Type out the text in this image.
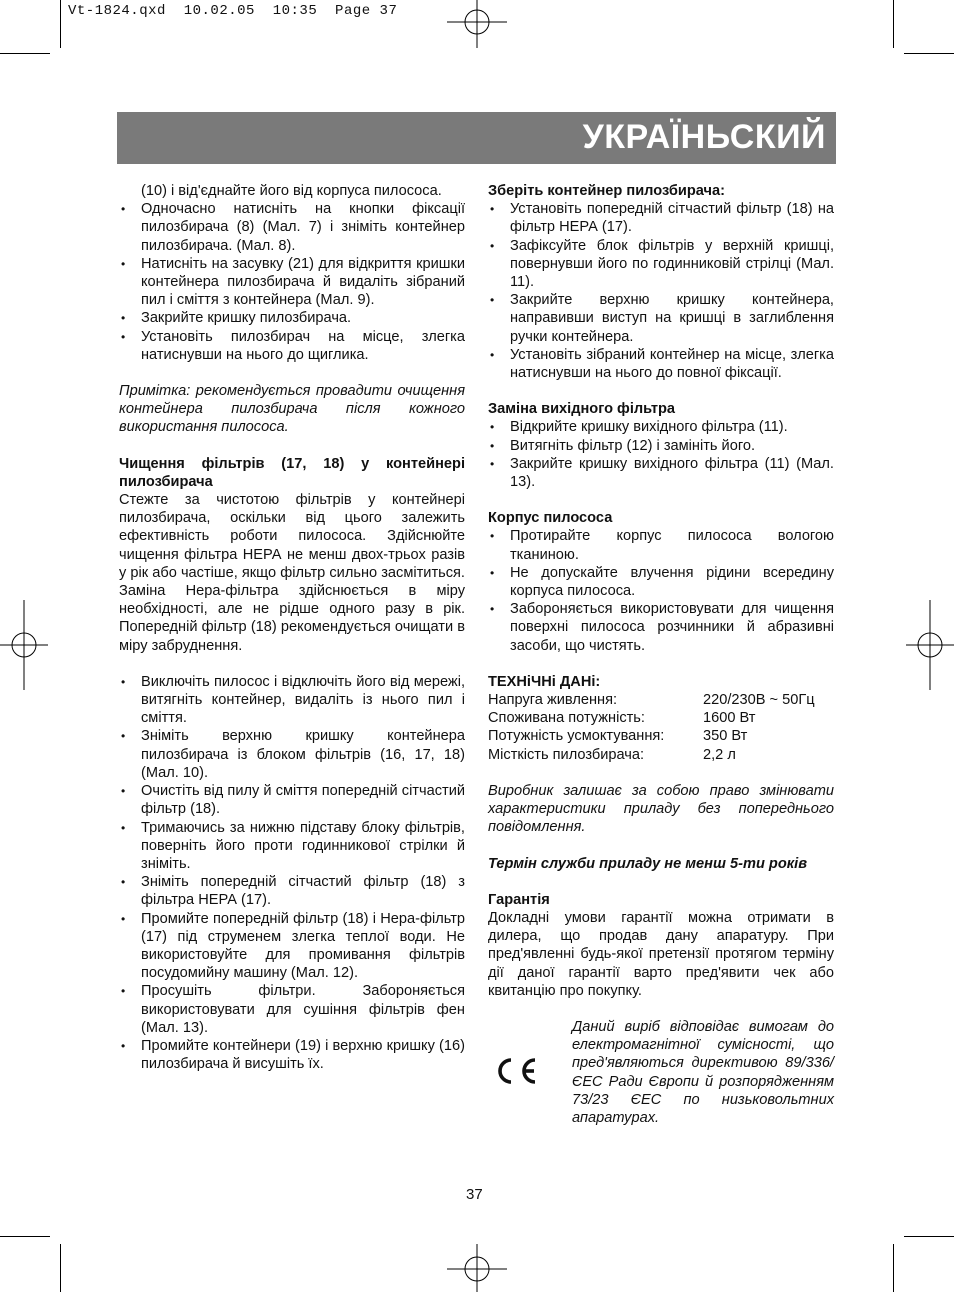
Vt-1824.qxd  10.02.05  10:35  Page 37
УКРАЇНЬСКИЙ
(10) і від'єднайте його від корпуса пилососа.
• Одночасно натисніть на кнопки фіксації пилозбирача (8) (Мал. 7) і зніміть контейнер пилозбирача. (Мал. 8).
• Натисніть на засувку (21) для відкриття кришки контейнера пилозбирача й видаліть зібраний пил і сміття з контейнера (Мал. 9).
• Закрийте кришку пилозбирача.
• Установіть пилозбирач на місце, злегка натиснувши на нього до щиглика.
Примітка: рекомендується провадити очищення контейнера пилозбирача після кожного використання пилососа.
Чищення фільтрів (17, 18) у контейнері пилозбирача
Стежте за чистотою фільтрів у контейнері пилозбирача, оскільки від цього залежить ефективність роботи пилососа. Здійснюйте чищення фільтра НЕРА не менш двох-трьох разів у рік або частіше, якщо фільтр сильно засмітиться. Заміна Нера-фільтра здійснюється в міру необхідності, але не рідше одного разу в рік. Попередній фільтр (18) рекомендується очищати в міру забруднення.
• Виключіть пилосос і відключіть його від мережі, витягніть контейнер, видаліть із нього пил і сміття.
• Зніміть верхню кришку контейнера пилозбирача із блоком фільтрів (16, 17, 18) (Мал. 10).
• Очистіть від пилу й сміття попередній сітчастий фільтр (18).
• Тримаючись за нижню підставу блоку фільтрів, поверніть його проти годинникової стрілки й зніміть.
• Зніміть попередній сітчастий фільтр (18) з фільтра НЕРА (17).
• Промийте попередній фільтр (18) і Нера-фільтр (17) під струменем злегка теплої води. Не використовуйте для промивання фільтрів посудомийну машину (Мал. 12).
• Просушіть фільтри. Забороняється використовувати для сушіння фільтрів фен (Мал. 13).
• Промийте контейнери (19) і верхню кришку (16) пилозбирача й висушіть їх.
Зберіть контейнер пилозбирача:
• Установіть попередній сітчастий фільтр (18) на фільтр НЕРА (17).
• Зафіксуйте блок фільтрів у верхній кришці, повернувши його по годинниковій стрілці (Мал. 11).
• Закрийте верхню кришку контейнера, направивши виступ на кришці в заглиблення ручки контейнера.
• Установіть зібраний контейнер на місце, злегка натиснувши на нього до повної фіксації.
Заміна вихідного фільтра
• Відкрийте кришку вихідного фільтра (11).
• Витягніть фільтр (12) і замініть його.
• Закрийте кришку вихідного фільтра (11) (Мал. 13).
Корпус пилососа
• Протирайте корпус пилососа вологою тканиною.
• Не допускайте влучення рідини всередину корпуса пилососа.
• Забороняється використовувати для чищення поверхні пилососа розчинники й абразивні засоби, що чистять.
ТЕХНіЧНі ДАНі:
Напруга живлення:	220/230В ~ 50Гц
Споживана потужність:	1600 Вт
Потужність усмоктування:	350 Вт
Місткість пилозбирача:	2,2 л
Виробник залишає за собою право змінювати характеристики приладу без попереднього повідомлення.
Термін служби приладу не менш 5-ти років
Гарантія
Докладні умови гарантії можна отримати в дилера, що продав дану апаратуру. При пред'явленні будь-якої претензії протягом терміну дії даної гарантії варто пред'явити чек або квитанцію про покупку.
Даний виріб відповідає вимогам до електромагнітної сумісності, що пред'являються директивою 89/336/ЄЕС Ради Європи й розпорядженням 73/23 ЄЕС по низьковольтних апаратурах.
37
